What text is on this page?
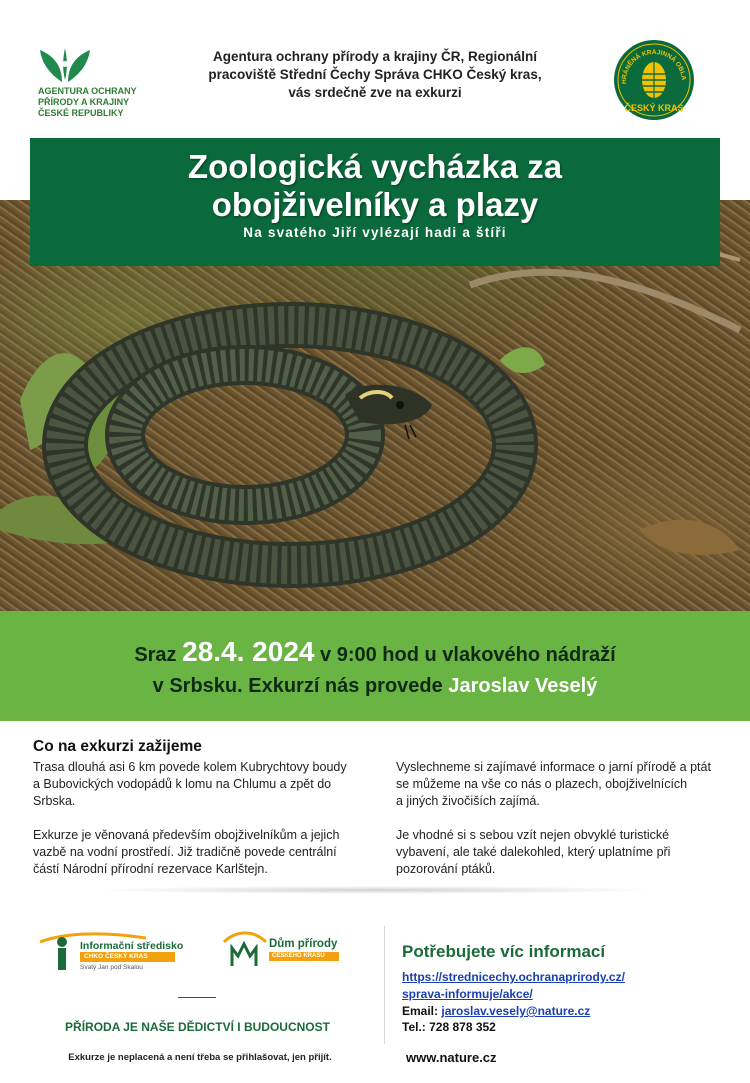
AGENTURA OCHRANY
PŘÍRODY A KRAJINY
ČESKÉ REPUBLIKY
Agentura ochrany přírody a krajiny ČR, Regionální
pracoviště Střední Čechy Správa CHKO Český kras,
vás srdečně zve na exkurzi
HRÁNĚNÁ KRAJINNÁ OBLA
ČESKÝ KRAS
Zoologická vycházka za
obojživelníky a plazy
Na svatého Jiří vylézají hadi a štíři
Sraz 28.4. 2024 v 9:00 hod u vlakového nádraží
v Srbsku. Exkurzí nás provede Jaroslav Veselý
Co na exkurzi zažijeme
Trasa dlouhá asi 6 km povede kolem Kubrychtovy boudy
a Bubovických vodopádů k lomu na Chlumu a zpět do
Srbska.
Exkurze je věnovaná především obojživelníkům a jejich
vazbě na vodní prostředí. Již tradičně povede centrální
částí Národní přírodní rezervace Karlštejn.
Vyslechneme si zajímavé informace o jarní přírodě a ptát
se můžeme na vše co nás o plazech, obojživelnících
a jiných živočiších zajímá.
Je vhodné si s sebou vzít nejen obvyklé turistické
vybavení, ale také dalekohled, který uplatníme při
pozorování ptáků.
Informační středisko
CHKO ČESKÝ KRAS
Svatý Jan pod Skalou
Dům přírody
ČESKÉHO KRASU
PŘÍRODA JE NAŠE DĚDICTVÍ I BUDOUCNOST
Exkurze je neplacená a není třeba se přihlašovat, jen přijít.
Potřebujete víc informací
https://strednicechy.ochranaprirody.cz/
sprava-informuje/akce/
Email: jaroslav.vesely@nature.cz
Tel.: 728 878 352
www.nature.cz
